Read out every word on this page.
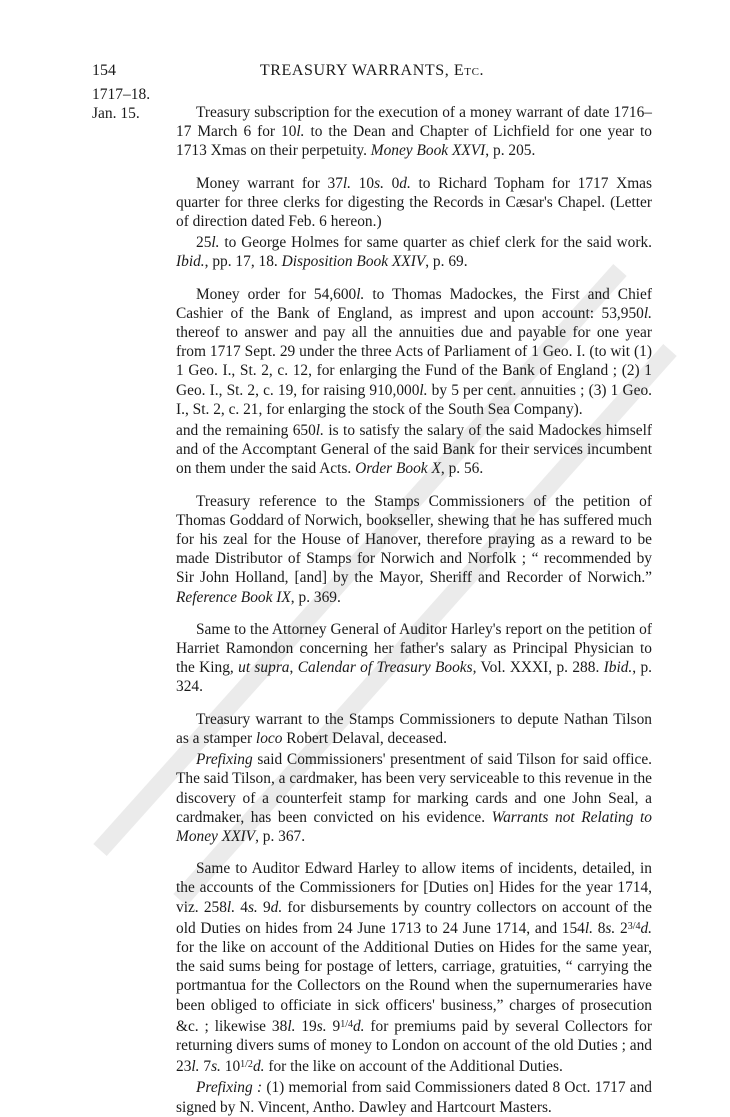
154	TREASURY WARRANTS, Etc.
1717–18.
Jan. 15.	Treasury subscription for the execution of a money warrant of date 1716–17 March 6 for 10l. to the Dean and Chapter of Lichfield for one year to 1713 Xmas on their perpetuity. Money Book XXVI, p. 205.

Money warrant for 37l. 10s. 0d. to Richard Topham for 1717 Xmas quarter for three clerks for digesting the Records in Cæsar's Chapel. (Letter of direction dated Feb. 6 hereon.)

25l. to George Holmes for same quarter as chief clerk for the said work. Ibid., pp. 17, 18. Disposition Book XXIV, p. 69.

Money order for 54,600l. to Thomas Madockes, the First and Chief Cashier of the Bank of England, as imprest and upon account: 53,950l. thereof to answer and pay all the annuities due and payable for one year from 1717 Sept. 29 under the three Acts of Parliament of 1 Geo. I. (to wit (1) 1 Geo. I., St. 2, c. 12, for enlarging the Fund of the Bank of England ; (2) 1 Geo. I., St. 2, c. 19, for raising 910,000l. by 5 per cent. annuities ; (3) 1 Geo. I., St. 2, c. 21, for enlarging the stock of the South Sea Company).

and the remaining 650l. is to satisfy the salary of the said Madockes himself and of the Accomptant General of the said Bank for their services incumbent on them under the said Acts. Order Book X, p. 56.

Treasury reference to the Stamps Commissioners of the petition of Thomas Goddard of Norwich, bookseller, shewing that he has suffered much for his zeal for the House of Hanover, therefore praying as a reward to be made Distributor of Stamps for Norwich and Norfolk ; “ recommended by Sir John Holland, [and] by the Mayor, Sheriff and Recorder of Norwich.” Reference Book IX, p. 369.

Same to the Attorney General of Auditor Harley's report on the petition of Harriet Ramondon concerning her father's salary as Principal Physician to the King, ut supra, Calendar of Treasury Books, Vol. XXXI, p. 288. Ibid., p. 324.

Treasury warrant to the Stamps Commissioners to depute Nathan Tilson as a stamper loco Robert Delaval, deceased.

Prefixing said Commissioners' presentment of said Tilson for said office. The said Tilson, a cardmaker, has been very serviceable to this revenue in the discovery of a counterfeit stamp for marking cards and one John Seal, a cardmaker, has been convicted on his evidence. Warrants not Relating to Money XXIV, p. 367.

Same to Auditor Edward Harley to allow items of incidents, detailed, in the accounts of the Commissioners for [Duties on] Hides for the year 1714, viz. 258l. 4s. 9d. for disbursements by country collectors on account of the old Duties on hides from 24 June 1713 to 24 June 1714, and 154l. 8s. $2^{3/4}d$. for the like on account of the Additional Duties on Hides for the same year, the said sums being for postage of letters, carriage, gratuities, “ carrying the portmantua for the Collectors on the Round when the supernumeraries have been obliged to officiate in sick officers' business,” charges of prosecution &c. ; likewise 38l. 19s. $9^{1/4}d$. for premiums paid by several Collectors for returning divers sums of money to London on account of the old Duties ; and 23l. 7s. $10^{1/2}d$. for the like on account of the Additional Duties.

Prefixing : (1) memorial from said Commissioners dated 8 Oct. 1717 and signed by N. Vincent, Antho. Dawley and Hartcourt Masters.
